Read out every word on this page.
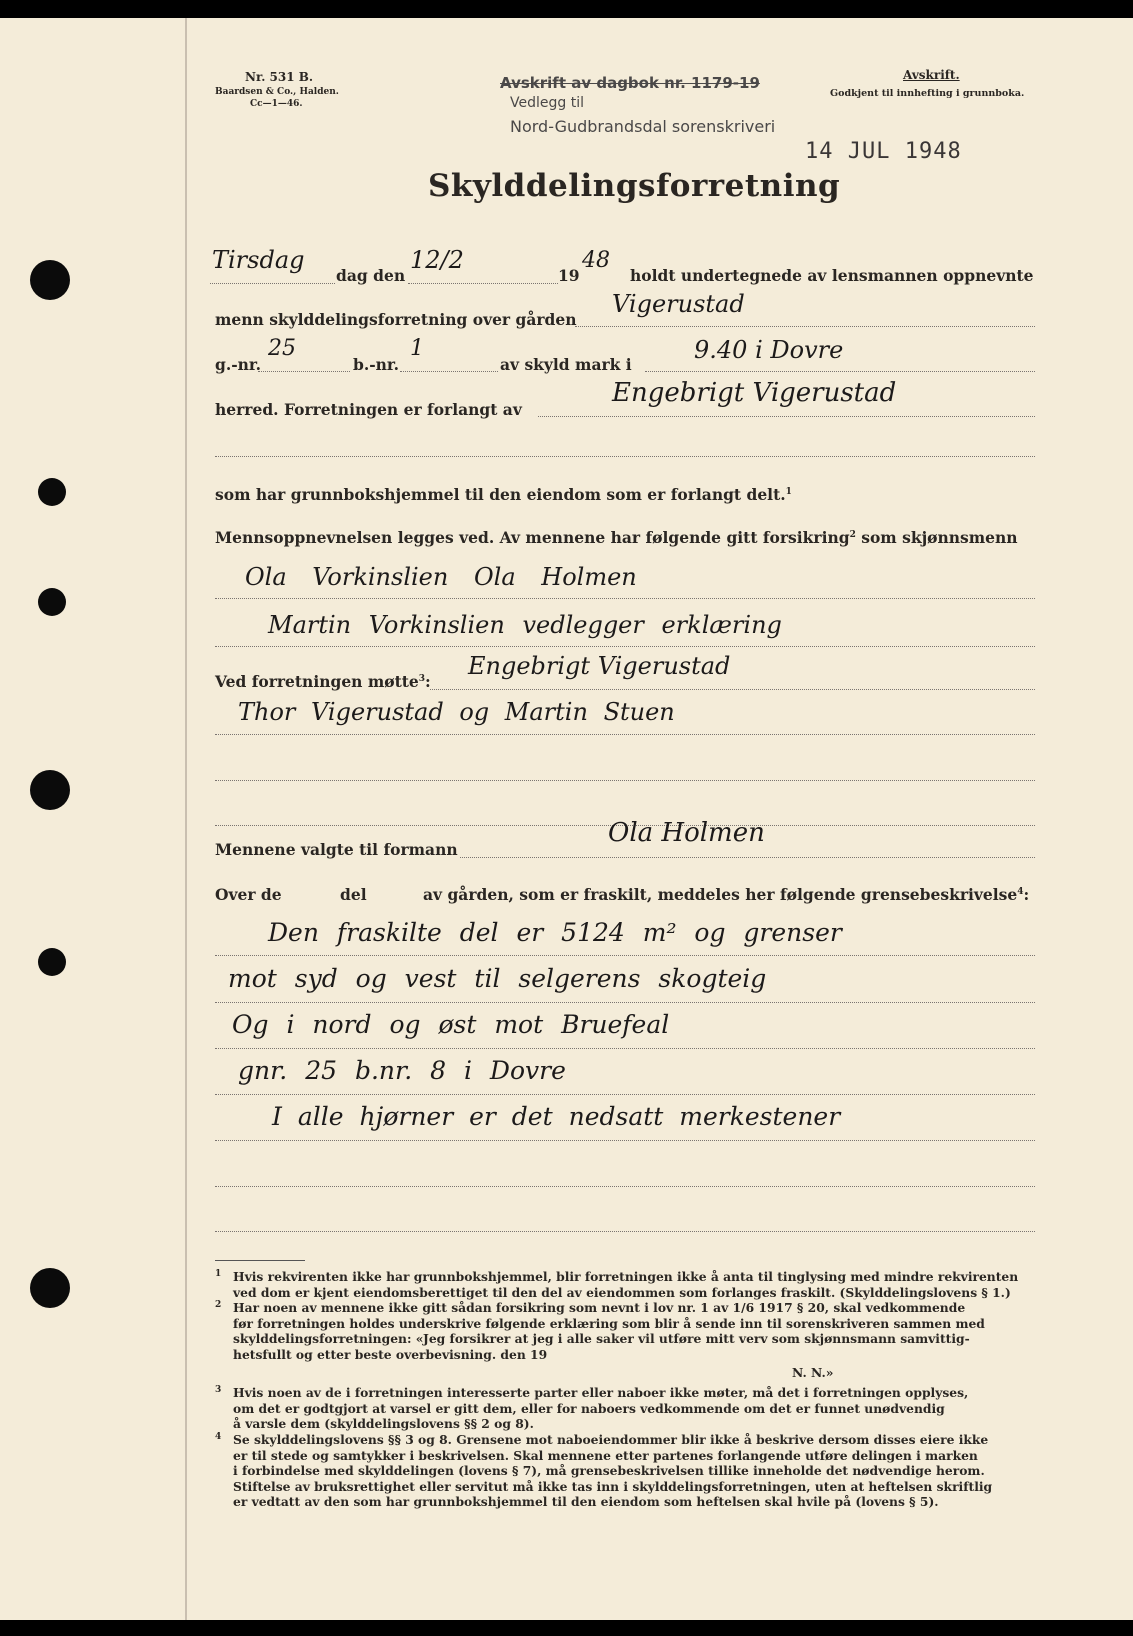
Nr. 531 B.
Baardsen & Co., Halden.
Cc—1—46.
Avskrift av dagbok nr. 1179-19
Vedlegg til
Nord-Gudbrandsdal sorenskriveri
14 JUL 1948
Avskrift.
Godkjent til innhefting i grunnboka.
Skylddelingsforretning
Tirsdag
dag den
12/2
19
48
holdt undertegnede av lensmannen oppnevnte
menn skylddelingsforretning over gården
Vigerustad
g.-nr.
25
b.-nr.
1
av skyld mark i
9.40 i Dovre
herred. Forretningen er forlangt av
Engebrigt Vigerustad
som har grunnbokshjemmel til den eiendom som er forlangt delt.$^1$
Mennsoppnevnelsen legges ved. Av mennene har følgende gitt forsikring$^2$ som skjønnsmenn
Ola Vorkinslien Ola Holmen
Martin Vorkinslien vedlegger erklæring
Ved forretningen møtte$^3$:
Engebrigt Vigerustad
Thor Vigerustad og Martin Stuen
Mennene valgte til formann
Ola Holmen
Over de	del	av gården, som er fraskilt, meddeles her følgende grensebeskrivelse$^4$:
Den fraskilte del er 5124 m² og grenser
mot syd og vest til selgerens skogteig
Og i nord og øst mot Bruefeal
gnr. 25 b.nr. 8 i Dovre
I alle hjørner er det nedsatt merkestener
1 Hvis rekvirenten ikke har grunnbokshjemmel, blir forretningen ikke å anta til tinglysing med mindre rekvirenten
ved dom er kjent eiendomsberettiget til den del av eiendommen som forlanges fraskilt. (Skylddelingslovens § 1.)
2 Har noen av mennene ikke gitt sådan forsikring som nevnt i lov nr. 1 av 1/6 1917 § 20, skal vedkommende
før forretningen holdes underskrive følgende erklæring som blir å sende inn til sorenskriveren sammen med
skylddelingsforretningen: «Jeg forsikrer at jeg i alle saker vil utføre mitt verv som skjønnsmann samvittig-
hetsfullt og etter beste overbevisning. den 19
N. N.»
3 Hvis noen av de i forretningen interesserte parter eller naboer ikke møter, må det i forretningen opplyses,
om det er godtgjort at varsel er gitt dem, eller for naboers vedkommende om det er funnet unødvendig
å varsle dem (skylddelingslovens §§ 2 og 8).
4 Se skylddelingslovens §§ 3 og 8. Grensene mot naboeiendommer blir ikke å beskrive dersom disses eiere ikke
er til stede og samtykker i beskrivelsen. Skal mennene etter partenes forlangende utføre delingen i marken
i forbindelse med skylddelingen (lovens § 7), må grensebeskrivelsen tillike inneholde det nødvendige herom.
Stiftelse av bruksrettighet eller servitut må ikke tas inn i skylddelingsforretningen, uten at heftelsen skriftlig
er vedtatt av den som har grunnbokshjemmel til den eiendom som heftelsen skal hvile på (lovens § 5).
